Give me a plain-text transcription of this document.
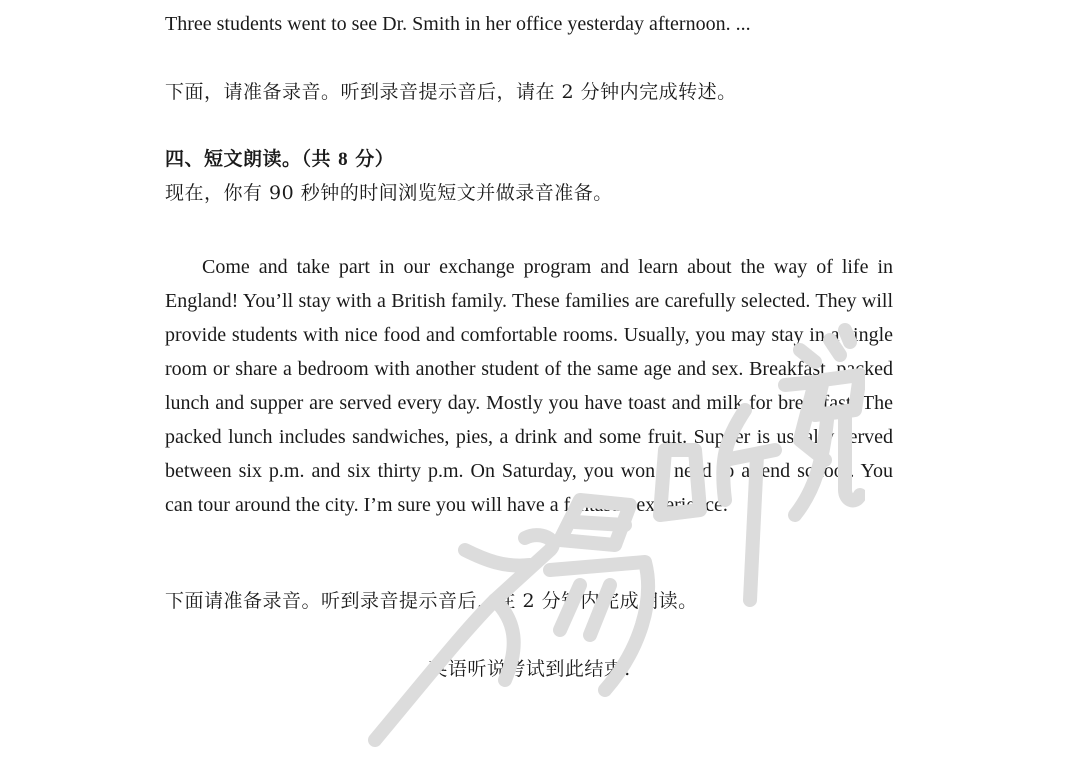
Three students went to see Dr. Smith in her office yesterday afternoon. ...
下面，请准备录音。听到录音提示音后，请在 2 分钟内完成转述。
四、短文朗读。（共 8 分）
现在，你有 90 秒钟的时间浏览短文并做录音准备。

Come and take part in our exchange program and learn about the way of life in England! You’ll stay with a British family. These families are carefully selected. They will provide students with nice food and comfortable rooms. Usually, you may stay in a single room or share a bedroom with another student of the same age and sex. Breakfast, packed lunch and supper are served every day. Mostly you have toast and milk for breakfast. The packed lunch includes sandwiches, pies, a drink and some fruit. Supper is usually served between six p.m. and six thirty p.m. On Saturday, you won’t need to attend school. You can tour around the city. I’m sure you will have a fantastic experience.

下面请准备录音。听到录音提示音后，在 2 分钟内完成朗读。
英语听说考试到此结束!
